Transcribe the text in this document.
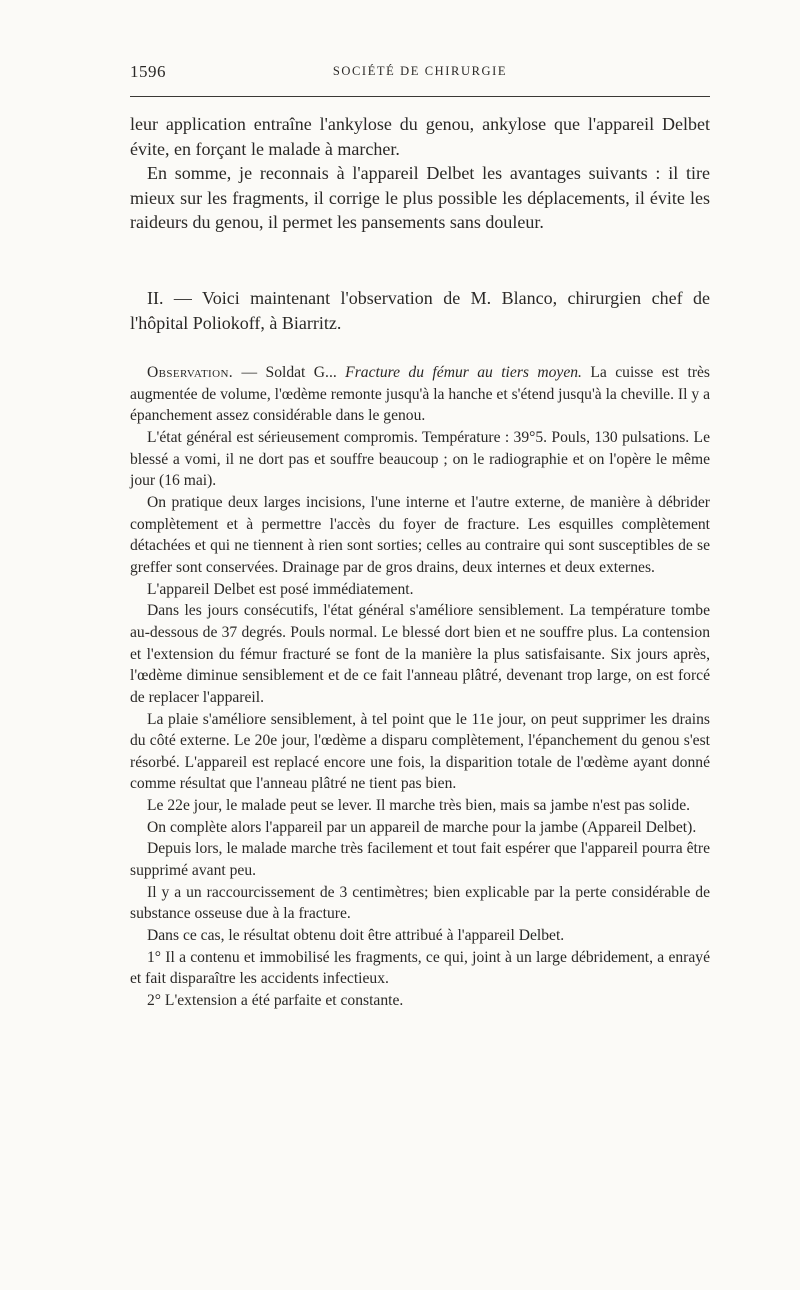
1596	SOCIÉTÉ DE CHIRURGIE

leur application entraîne l'ankylose du genou, ankylose que l'appareil Delbet évite, en forçant le malade à marcher.

En somme, je reconnais à l'appareil Delbet les avantages suivants : il tire mieux sur les fragments, il corrige le plus possible les déplacements, il évite les raideurs du genou, il permet les pansements sans douleur.

II. — Voici maintenant l'observation de M. Blanco, chirurgien chef de l'hôpital Poliokoff, à Biarritz.

Observation. — Soldat G... Fracture du fémur au tiers moyen. La cuisse est très augmentée de volume, l'œdème remonte jusqu'à la hanche et s'étend jusqu'à la cheville. Il y a épanchement assez considérable dans le genou.

L'état général est sérieusement compromis. Température : 39°5. Pouls, 130 pulsations. Le blessé a vomi, il ne dort pas et souffre beaucoup ; on le radiographie et on l'opère le même jour (16 mai).

On pratique deux larges incisions, l'une interne et l'autre externe, de manière à débrider complètement et à permettre l'accès du foyer de fracture. Les esquilles complètement détachées et qui ne tiennent à rien sont sorties; celles au contraire qui sont susceptibles de se greffer sont conservées. Drainage par de gros drains, deux internes et deux externes.

L'appareil Delbet est posé immédiatement.

Dans les jours consécutifs, l'état général s'améliore sensiblement. La température tombe au-dessous de 37 degrés. Pouls normal. Le blessé dort bien et ne souffre plus. La contension et l'extension du fémur fracturé se font de la manière la plus satisfaisante. Six jours après, l'œdème diminue sensiblement et de ce fait l'anneau plâtré, devenant trop large, on est forcé de replacer l'appareil.

La plaie s'améliore sensiblement, à tel point que le 11e jour, on peut supprimer les drains du côté externe. Le 20e jour, l'œdème a disparu complètement, l'épanchement du genou s'est résorbé. L'appareil est replacé encore une fois, la disparition totale de l'œdème ayant donné comme résultat que l'anneau plâtré ne tient pas bien.

Le 22e jour, le malade peut se lever. Il marche très bien, mais sa jambe n'est pas solide.

On complète alors l'appareil par un appareil de marche pour la jambe (Appareil Delbet).

Depuis lors, le malade marche très facilement et tout fait espérer que l'appareil pourra être supprimé avant peu.

Il y a un raccourcissement de 3 centimètres; bien explicable par la perte considérable de substance osseuse due à la fracture.

Dans ce cas, le résultat obtenu doit être attribué à l'appareil Delbet.

1° Il a contenu et immobilisé les fragments, ce qui, joint à un large débridement, a enrayé et fait disparaître les accidents infectieux.

2° L'extension a été parfaite et constante.
